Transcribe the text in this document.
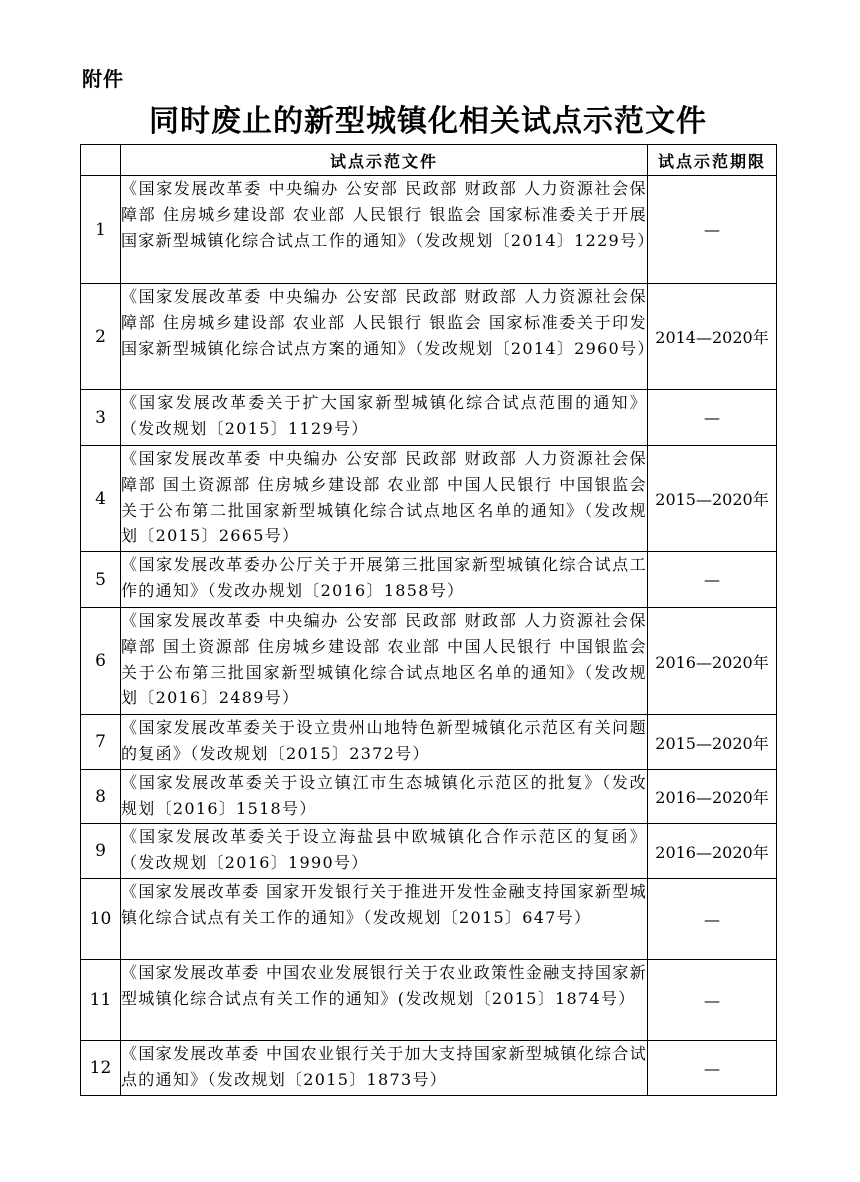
附件
同时废止的新型城镇化相关试点示范文件
	试点示范文件	试点示范期限
1	《国家发展改革委 中央编办 公安部 民政部 财政部 人力资源社会保障部 住房城乡建设部 农业部 人民银行 银监会 国家标准委关于开展国家新型城镇化综合试点工作的通知》（发改规划〔2014〕1229号）	—
2	《国家发展改革委 中央编办 公安部 民政部 财政部 人力资源社会保障部 住房城乡建设部 农业部 人民银行 银监会 国家标准委关于印发国家新型城镇化综合试点方案的通知》（发改规划〔2014〕2960号）	2014—2020年
3	《国家发展改革委关于扩大国家新型城镇化综合试点范围的通知》（发改规划〔2015〕1129号）	—
4	《国家发展改革委 中央编办 公安部 民政部 财政部 人力资源社会保障部 国土资源部 住房城乡建设部 农业部 中国人民银行 中国银监会关于公布第二批国家新型城镇化综合试点地区名单的通知》（发改规划〔2015〕2665号）	2015—2020年
5	《国家发展改革委办公厅关于开展第三批国家新型城镇化综合试点工作的通知》（发改办规划〔2016〕1858号）	—
6	《国家发展改革委 中央编办 公安部 民政部 财政部 人力资源社会保障部 国土资源部 住房城乡建设部 农业部 中国人民银行 中国银监会关于公布第三批国家新型城镇化综合试点地区名单的通知》（发改规划〔2016〕2489号）	2016—2020年
7	《国家发展改革委关于设立贵州山地特色新型城镇化示范区有关问题的复函》（发改规划〔2015〕2372号）	2015—2020年
8	《国家发展改革委关于设立镇江市生态城镇化示范区的批复》（发改规划〔2016〕1518号）	2016—2020年
9	《国家发展改革委关于设立海盐县中欧城镇化合作示范区的复函》（发改规划〔2016〕1990号）	2016—2020年
10	《国家发展改革委 国家开发银行关于推进开发性金融支持国家新型城镇化综合试点有关工作的通知》（发改规划〔2015〕647号）	—
11	《国家发展改革委 中国农业发展银行关于农业政策性金融支持国家新型城镇化综合试点有关工作的通知》(发改规划〔2015〕1874号）	—
12	《国家发展改革委 中国农业银行关于加大支持国家新型城镇化综合试点的通知》（发改规划〔2015〕1873号）	—
